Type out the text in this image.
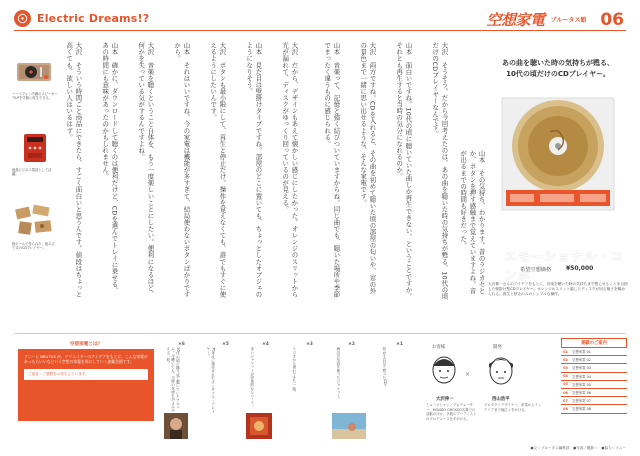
Electric Dreams!?	空想家電 ブルータス館 06
ハードフォン内蔵のスピーカーでLPを手軽に再生できる。
液晶ビジネス電話として活躍。
段ボールで作られた、組み立て式のCDプレイヤー。	大沢　そういう時間ごと商品にできたら、すごく面白いと思うんです。値段はちょっと高くても、欲しい人はいるはず。	山本　確かに、ダウンロードして聴くのは便利だけど、CDを選んでトレイに乗せる、あの時間にも意味があったのかもしれません。	大沢　音楽を聴くということ自体を、もう一度楽しいことにしたい。便利になるほど、何かを失っている気がするんですよね。	山本　それはいいですね。今の家電は機能が多すぎて、結局使わないボタンばかりですから。	大沢　ボタンも最小限にして、再生と停止だけ。操作を覚えなくても、誰でもすぐに使えるようにしたいんです。	山本　見た目は壁掛けタイプですね。部屋のどこに置いても、ちょっとしたオブジェのようになりそう。	大沢　だから、デザインもあえて懐かしい感じにしたかった。オレンジのスリットから光が漏れて、ディスクがゆっくり回っているのが見える。	山本　音楽って、記憶と強く結びついていますからね。同じ曲でも、聴いた場所や季節でまったく違うものに感じられる。	大沢　両方ですね。CDを入れると、その曲を初めて聴いた頃の部屋の匂いや、窓の外の景色まで一緒に思い出せるような、そんな家電です。	山本　面白いですね。10代の頃に聴いていた曲しか再生できない、ということですか。それとも再生すると当時の気分になれるのか。	大沢　そうそう。だから今回考えたのは、あの曲を聴いた時の気持ちが甦る、10代の頃だけのCDプレイヤーなんです。
山本　その気持ち、わかります。昔のラジカセとか、ボタンを押す感触まで覚えていますよね。音が出るまでの時間も好きだった。
あの曲を聴いた時の気持ちが甦る、
10代の頃だけのCDプレイヤー。
エモーショナル・コンポ
希望空想価格 ¥50,000
大沢伸一さんのアイデアをもとに、音楽を聴いた時の気持ちまで甦らせることを目指した壁掛け型CDプレイヤー。オレンジのスリット越しにディスクが回る様子を眺められる。再生と停止のみのシンプルな操作。
空想家電とは？
ソニーと BRUTUS が、クリエイターのアイデアをもとに、こんな家電があったらいいなという空想の家電を形にしていく連載企画です。
ご意見・ご感想をお待ちしています。
＊6
10代の頃に繰り返し聴いていたアルバム。今聴いても、当時の気持ちがよみがえる一枚。
＊5
70年代に発売されたポータブル・プレイヤー。
＊4
赤いジャケットが印象的なレコード。
＊3
ラジオから流れてきた一曲。
＊2
海辺の写真を使ったジャケット。
＊1
初めて自分で買ったCD。	お客様	開発
×
大沢伸一
ミュージシャン／プロデューサー。MONDO GROSSO名義での活動のほか、多数のアーティストのプロデュースを手がける。
西山浩平
プロダクトデザイナー。家電からインテリアまで幅広く手がける。
連載のご案内
01	空想家電 01
02	空想家電 02
03	空想家電 03
04	空想家電 04
05	空想家電 05
06	空想家電 06
07	空想家電 07
08	空想家電 08
●文＝ブルータス編集部　●写真／撮影＝　●協力＝ソニー
